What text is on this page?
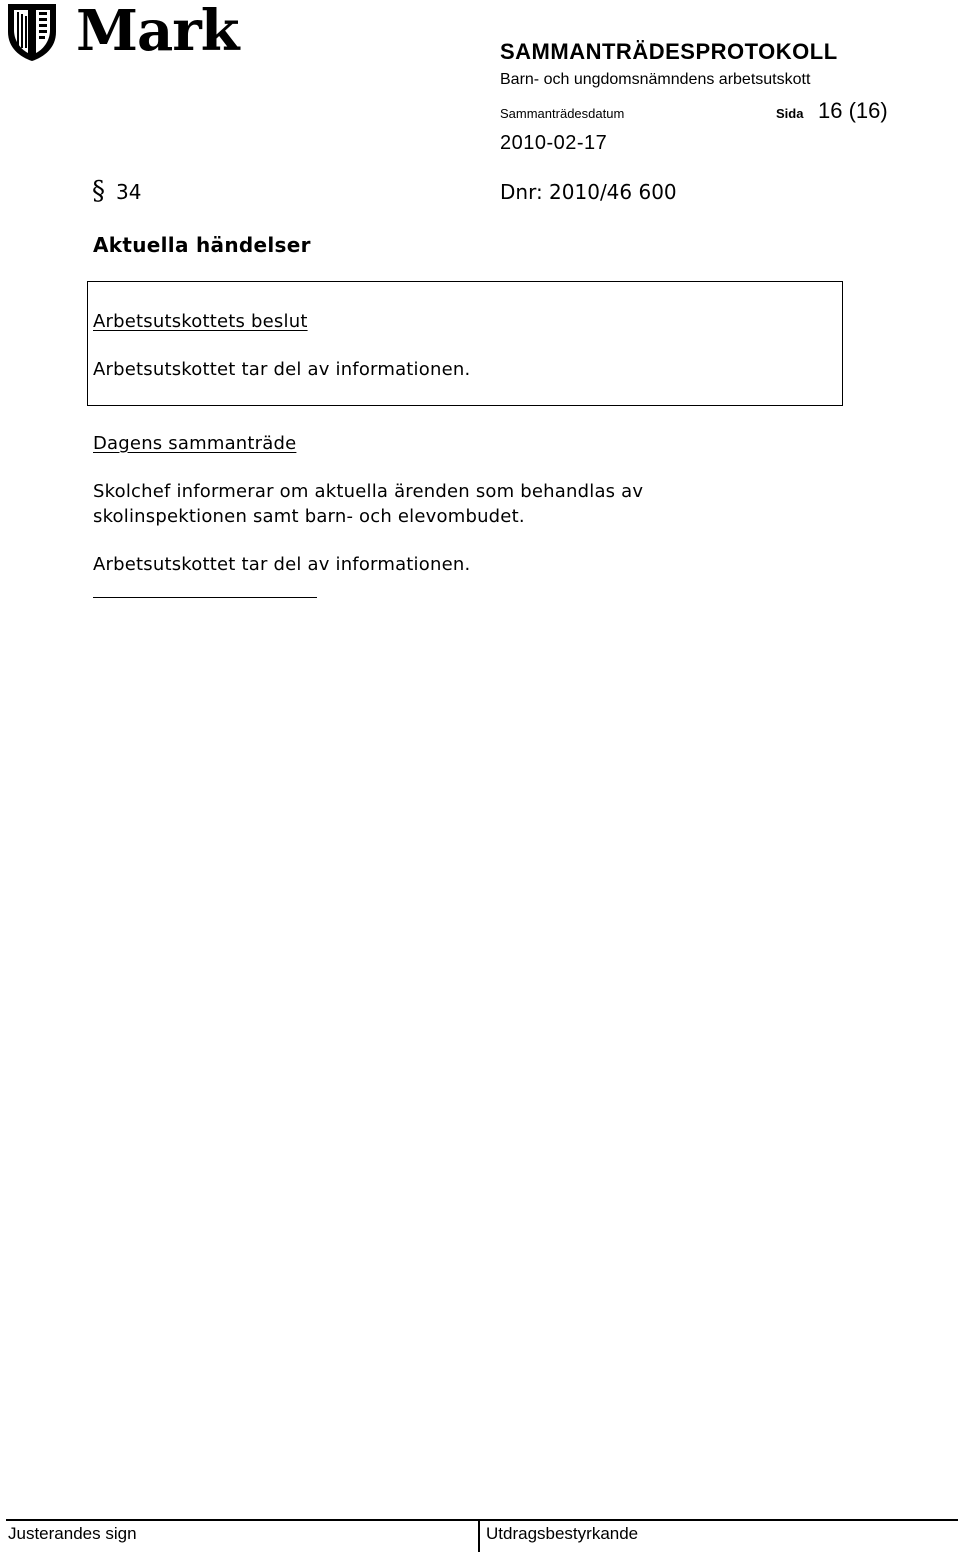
Mark	SAMMANTRÄDESPROTOKOLL
Barn- och ungdomsnämndens arbetsutskott
Sammanträdesdatum	Sida 16 (16)
2010-02-17
§ 34	Dnr: 2010/46 600
Aktuella händelser
Arbetsutskottets beslut
Arbetsutskottet tar del av informationen.
Dagens sammanträde
Skolchef informerar om aktuella ärenden som behandlas av
skolinspektionen samt barn- och elevombudet.
Arbetsutskottet tar del av informationen.
Justerandes sign	Utdragsbestyrkande
